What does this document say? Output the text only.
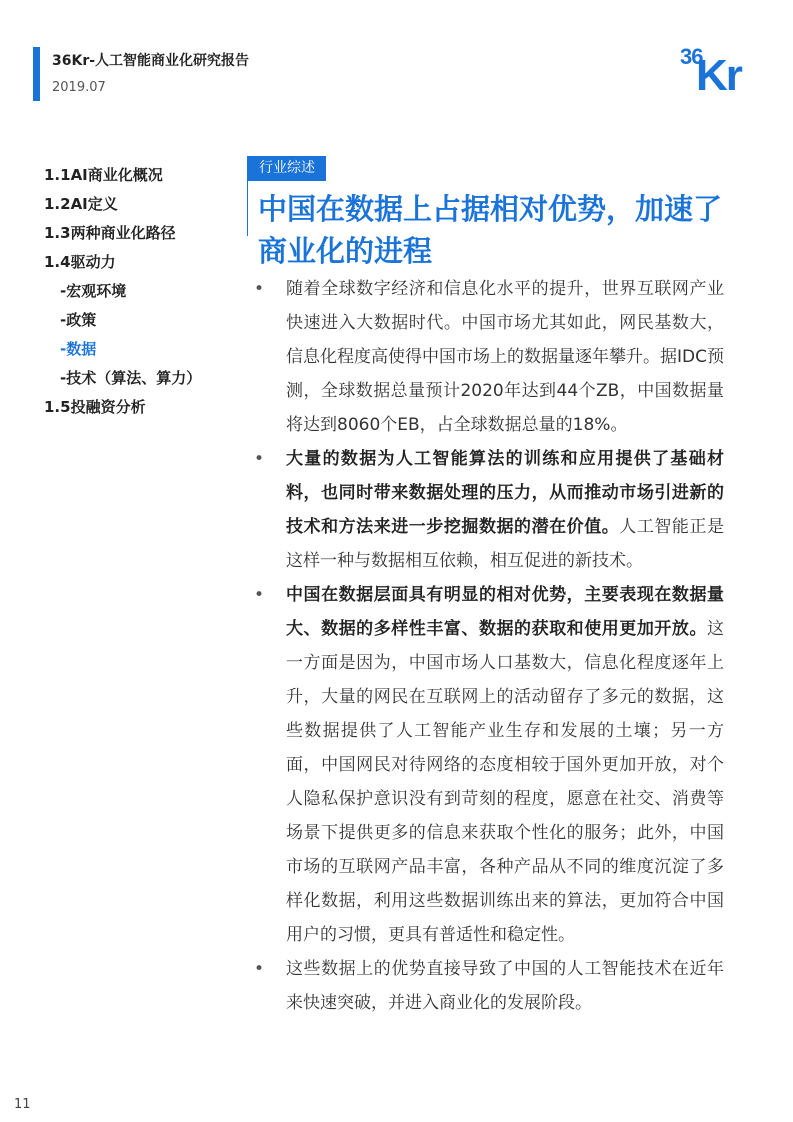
36Kr-人工智能商业化研究报告
2019.07
36
Kr
1.1AI商业化概况
1.2AI定义
1.3两种商业化路径
1.4驱动力
-宏观环境
-政策
-数据
-技术（算法、算力）
1.5投融资分析
行业综述
中国在数据上占据相对优势，加速了商业化的进程
• 随着全球数字经济和信息化水平的提升，世界互联网产业快速进入大数据时代。中国市场尤其如此，网民基数大，信息化程度高使得中国市场上的数据量逐年攀升。据IDC预测，全球数据总量预计2020年达到44个ZB，中国数据量将达到8060个EB，占全球数据总量的18%。
• 大量的数据为人工智能算法的训练和应用提供了基础材料，也同时带来数据处理的压力，从而推动市场引进新的技术和方法来进一步挖掘数据的潜在价值。人工智能正是这样一种与数据相互依赖，相互促进的新技术。
• 中国在数据层面具有明显的相对优势，主要表现在数据量大、数据的多样性丰富、数据的获取和使用更加开放。这一方面是因为，中国市场人口基数大，信息化程度逐年上升，大量的网民在互联网上的活动留存了多元的数据，这些数据提供了人工智能产业生存和发展的土壤；另一方面，中国网民对待网络的态度相较于国外更加开放，对个人隐私保护意识没有到苛刻的程度，愿意在社交、消费等场景下提供更多的信息来获取个性化的服务；此外，中国市场的互联网产品丰富，各种产品从不同的维度沉淀了多样化数据，利用这些数据训练出来的算法，更加符合中国用户的习惯，更具有普适性和稳定性。
• 这些数据上的优势直接导致了中国的人工智能技术在近年来快速突破，并进入商业化的发展阶段。
11
